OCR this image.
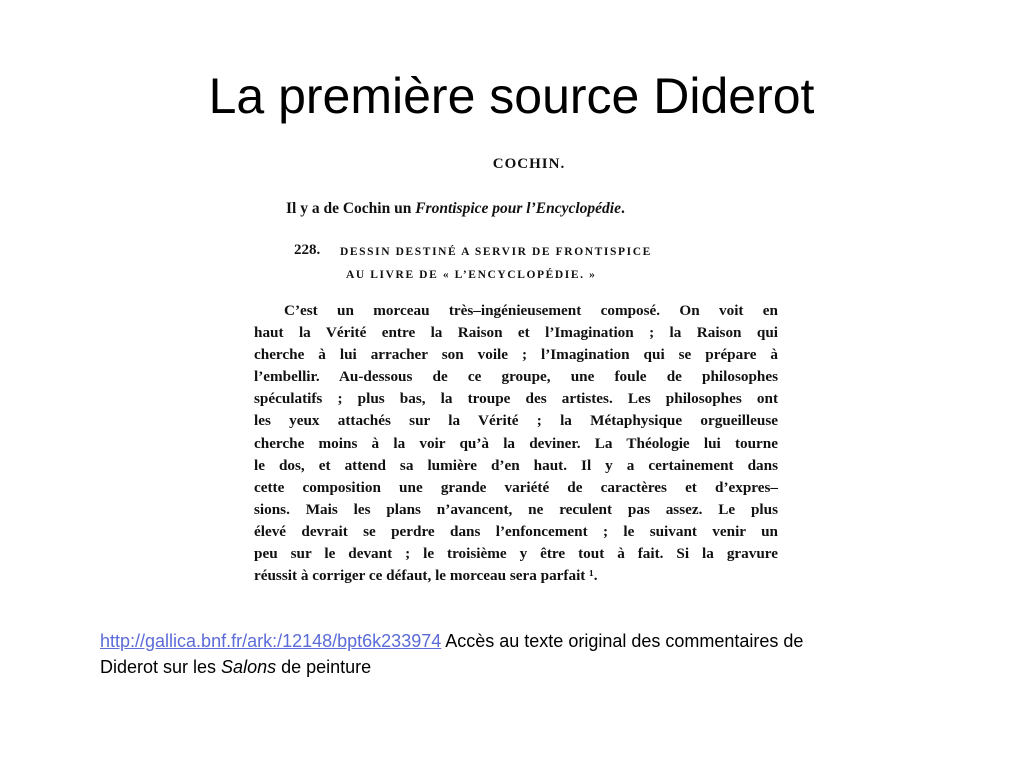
La première source Diderot
COCHIN.
Il y a de Cochin un Frontispice pour l’Encyclopédie.
228. DESSIN DESTINÉ A SERVIR DE FRONTISPICE
AU LIVRE DE « L’ENCYCLOPÉDIE. »
C’est un morceau très–ingénieusement composé. On voit en
haut la Vérité entre la Raison et l’Imagination ; la Raison qui
cherche à lui arracher son voile ; l’Imagination qui se prépare à
l’embellir. Au-dessous de ce groupe, une foule de philosophes
spéculatifs ; plus bas, la troupe des artistes. Les philosophes ont
les yeux attachés sur la Vérité ; la Métaphysique orgueilleuse
cherche moins à la voir qu’à la deviner. La Théologie lui tourne
le dos, et attend sa lumière d’en haut. Il y a certainement dans
cette composition une grande variété de caractères et d’expres–
sions. Mais les plans n’avancent, ne reculent pas assez. Le plus
élevé devrait se perdre dans l’enfoncement ; le suivant venir un
peu sur le devant ; le troisième y être tout à fait. Si la gravure
réussit à corriger ce défaut, le morceau sera parfait ¹.
http://gallica.bnf.fr/ark:/12148/bpt6k233974 Accès au texte original des commentaires de Diderot sur les Salons de peinture
